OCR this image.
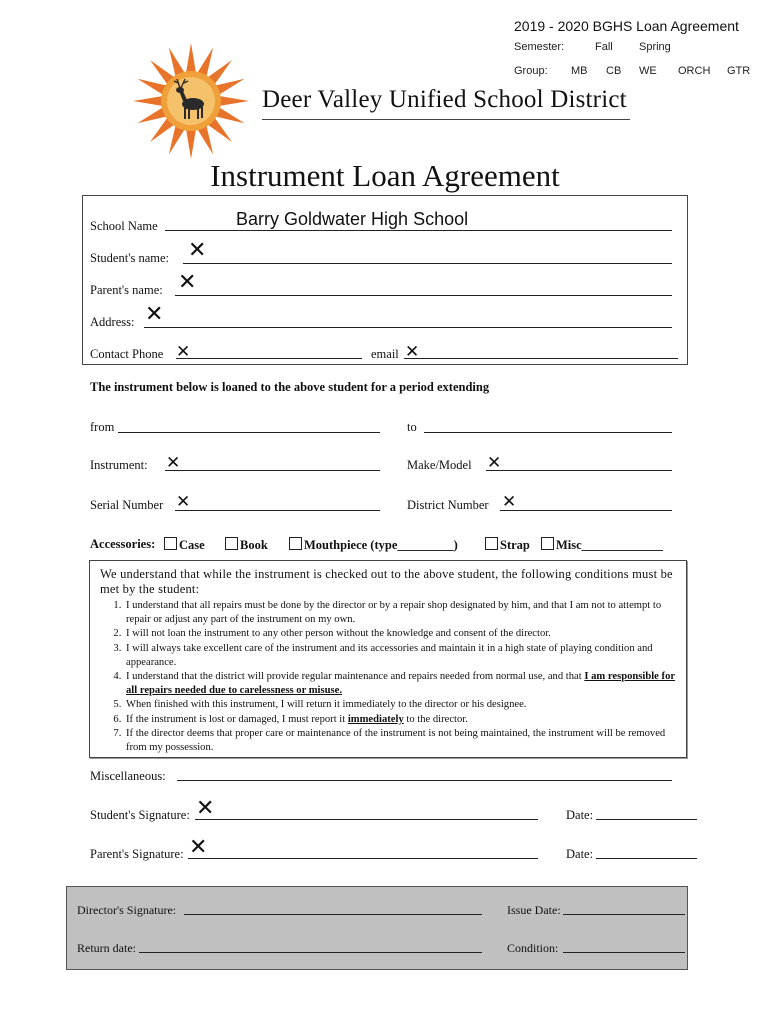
2019 - 2020 BGHS Loan Agreement
Semester:	Fall Spring
Group: MB CB WE ORCH GTR
Deer Valley Unified School District
Instrument Loan Agreement
School Name	Barry Goldwater High School
Student's name: ✕
Parent's name: ✕
Address: ✕
Contact Phone ✕	email ✕
The instrument below is loaned to the above student for a period extending
from	to
Instrument: ✕	Make/Model ✕
Serial Number ✕	District Number ✕
Accessories:	Case	Book	Mouthpiece (type_________)	Strap	Misc_____________
We understand that while the instrument is checked out to the above student, the following conditions must be met by the student:
1. I understand that all repairs must be done by the director or by a repair shop designated by him, and that I am not to attempt to repair or adjust any part of the instrument on my own.
2. I will not loan the instrument to any other person without the knowledge and consent of the director.
3. I will always take excellent care of the instrument and its accessories and maintain it in a high state of playing condition and appearance.
4. I understand that the district will provide regular maintenance and repairs needed from normal use, and that I am responsible for all repairs needed due to carelessness or misuse.
5. When finished with this instrument, I will return it immediately to the director or his designee.
6. If the instrument is lost or damaged, I must report it immediately to the director.
7. If the director deems that proper care or maintenance of the instrument is not being maintained, the instrument will be removed from my possession.
Miscellaneous:
Student's Signature: ✕	Date:
Parent's Signature: ✕	Date:
Director's Signature:	Issue Date:
Return date:	Condition:
